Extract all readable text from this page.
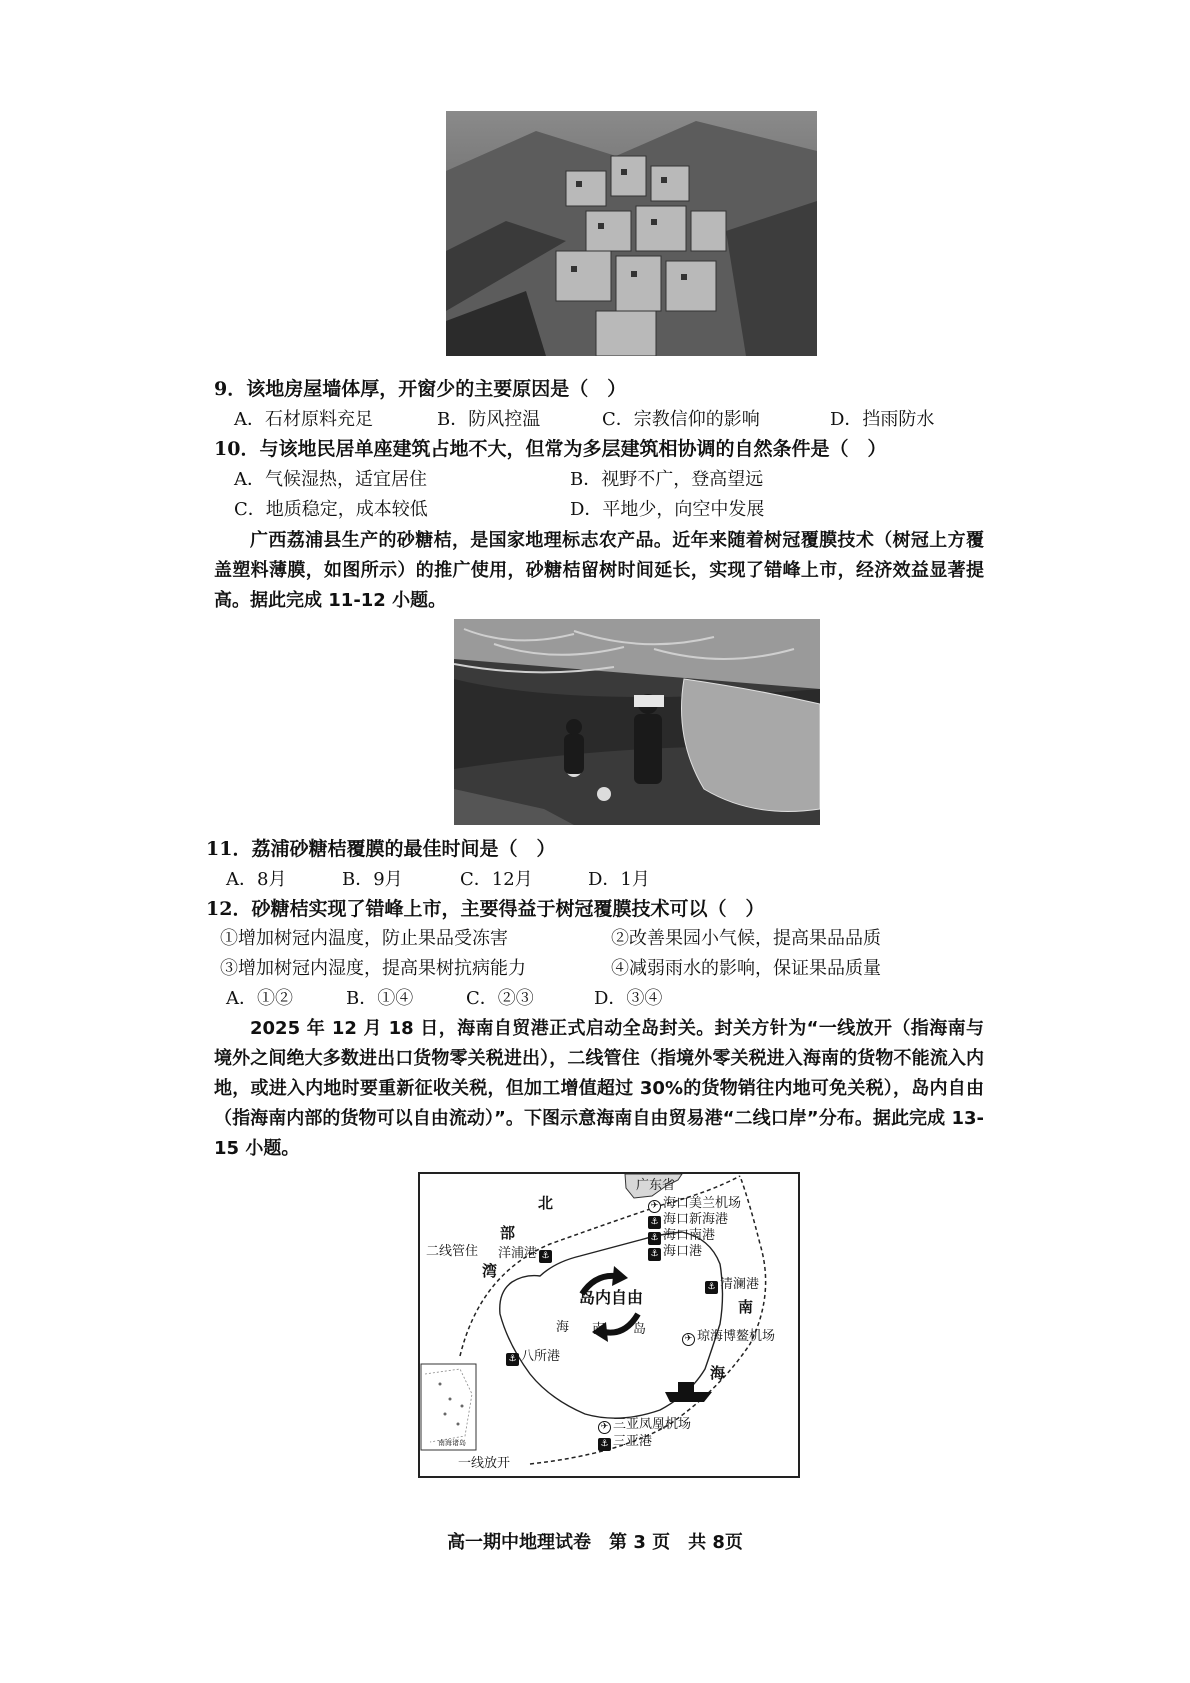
9．该地房屋墙体厚，开窗少的主要原因是（　）
A．石材原料充足	B．防风控温	C．宗教信仰的影响	D．挡雨防水
10．与该地民居单座建筑占地不大，但常为多层建筑相协调的自然条件是（　）
A．气候湿热，适宜居住	B．视野不广，登高望远
C．地质稳定，成本较低	D．平地少，向空中发展
广西荔浦县生产的砂糖桔，是国家地理标志农产品。近年来随着树冠覆膜技术（树冠上方覆盖塑料薄膜，如图所示）的推广使用，砂糖桔留树时间延长，实现了错峰上市，经济效益显著提高。据此完成 11-12 小题。
11．荔浦砂糖桔覆膜的最佳时间是（　）
A．8月	B．9月	C．12月	D．1月
12．砂糖桔实现了错峰上市，主要得益于树冠覆膜技术可以（　）
①增加树冠内温度，防止果品受冻害	②改善果园小气候，提高果品品质
③增加树冠内湿度，提高果树抗病能力	④减弱雨水的影响，保证果品质量
A．①②	B．①④	C．②③	D．③④
2025 年 12 月 18 日，海南自贸港正式启动全岛封关。封关方针为“一线放开（指海南与境外之间绝大多数进出口货物零关税进出），二线管住（指境外零关税进入海南的货物不能流入内地，或进入内地时要重新征收关税，但加工增值超过 30%的货物销往内地可免关税），岛内自由（指海南内部的货物可以自由流动）”。下图示意海南自由贸易港“二线口岸”分布。据此完成 13-15 小题。
广东省
北
部
湾
二线管住
一线放开
✈ 海口美兰机场
⚓ 海口新海港
⚓ 海口南港
⚓ 海口港
洋浦港 ⚓
⚓ 清澜港
✈ 琼海博鳌机场
⚓ 八所港
✈ 三亚凤凰机场
⚓ 三亚港
岛内自由
海 南 岛
南
海
南海诸岛
高一期中地理试卷　第 3 页　共 8页
